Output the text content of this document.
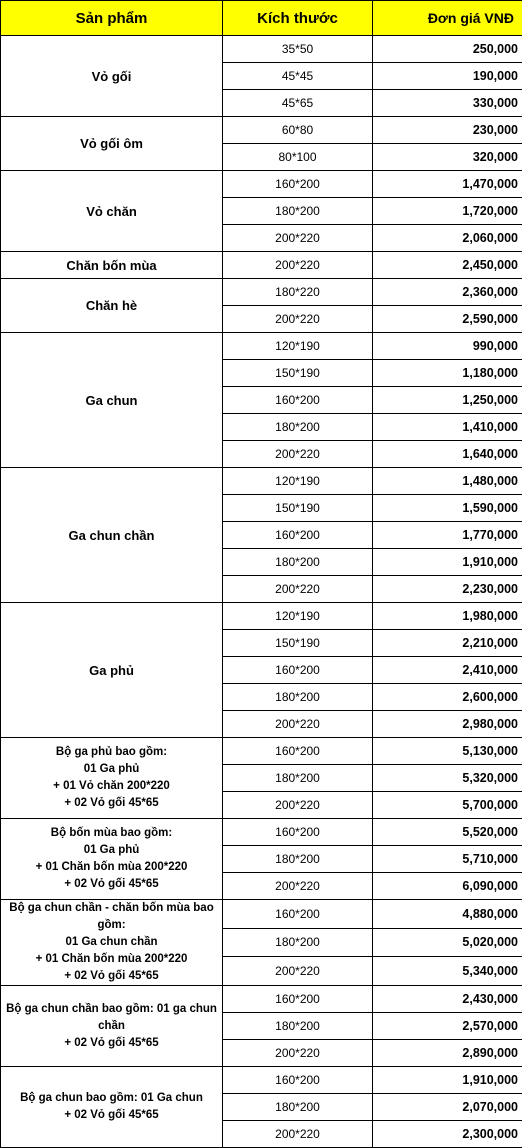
Sản phẩm	Kích thước	Đơn giá VNĐ
Vỏ gối	35*50	250,000
	45*45	190,000
	45*65	330,000
Vỏ gối ôm	60*80	230,000
	80*100	320,000
Vỏ chăn	160*200	1,470,000
	180*200	1,720,000
	200*220	2,060,000
Chăn bốn mùa	200*220	2,450,000
Chăn hè	180*220	2,360,000
	200*220	2,590,000
Ga chun	120*190	990,000
	150*190	1,180,000
	160*200	1,250,000
	180*200	1,410,000
	200*220	1,640,000
Ga chun chần	120*190	1,480,000
	150*190	1,590,000
	160*200	1,770,000
	180*200	1,910,000
	200*220	2,230,000
Ga phủ	120*190	1,980,000
	150*190	2,210,000
	160*200	2,410,000
	180*200	2,600,000
	200*220	2,980,000

Bộ ga phủ bao gồm:
01 Ga phủ
+ 01 Vỏ chăn 200*220
+ 02 Vỏ gối 45*65	160*200	5,130,000
	180*200	5,320,000
	200*220	5,700,000

Bộ bốn mùa bao gồm:
01 Ga phủ
+ 01 Chăn bốn mùa 200*220
+ 02 Vỏ gối 45*65	160*200	5,520,000
	180*200	5,710,000
	200*220	6,090,000

Bộ ga chun chần - chăn bốn mùa bao gồm:
01 Ga chun chần
+ 01 Chăn bốn mùa 200*220
+ 02 Vỏ gối 45*65	160*200	4,880,000
	180*200	5,020,000
	200*220	5,340,000

Bộ ga chun chần bao gồm: 01 ga chun chần
+ 02 Vỏ gối 45*65	160*200	2,430,000
	180*200	2,570,000
	200*220	2,890,000

Bộ ga chun bao gồm: 01 Ga chun
+ 02 Vỏ gối 45*65	160*200	1,910,000
	180*200	2,070,000
	200*220	2,300,000
